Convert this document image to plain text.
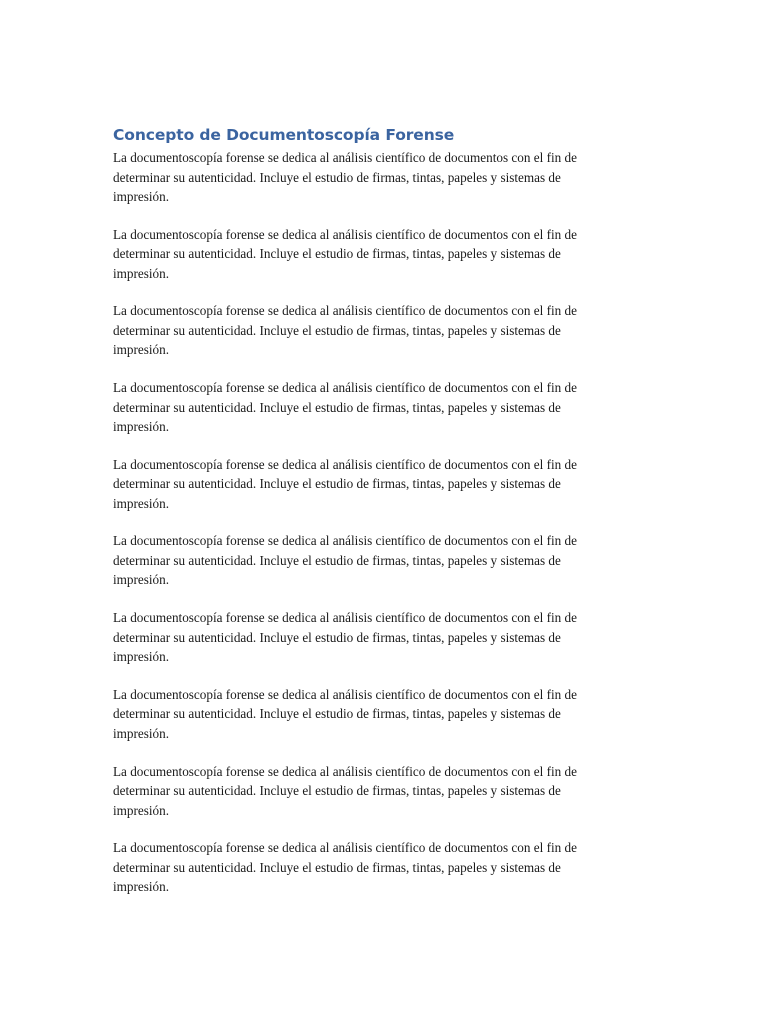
Concepto de Documentoscopía Forense
La documentoscopía forense se dedica al análisis científico de documentos con el fin de
determinar su autenticidad. Incluye el estudio de firmas, tintas, papeles y sistemas de
impresión.
La documentoscopía forense se dedica al análisis científico de documentos con el fin de
determinar su autenticidad. Incluye el estudio de firmas, tintas, papeles y sistemas de
impresión.
La documentoscopía forense se dedica al análisis científico de documentos con el fin de
determinar su autenticidad. Incluye el estudio de firmas, tintas, papeles y sistemas de
impresión.
La documentoscopía forense se dedica al análisis científico de documentos con el fin de
determinar su autenticidad. Incluye el estudio de firmas, tintas, papeles y sistemas de
impresión.
La documentoscopía forense se dedica al análisis científico de documentos con el fin de
determinar su autenticidad. Incluye el estudio de firmas, tintas, papeles y sistemas de
impresión.
La documentoscopía forense se dedica al análisis científico de documentos con el fin de
determinar su autenticidad. Incluye el estudio de firmas, tintas, papeles y sistemas de
impresión.
La documentoscopía forense se dedica al análisis científico de documentos con el fin de
determinar su autenticidad. Incluye el estudio de firmas, tintas, papeles y sistemas de
impresión.
La documentoscopía forense se dedica al análisis científico de documentos con el fin de
determinar su autenticidad. Incluye el estudio de firmas, tintas, papeles y sistemas de
impresión.
La documentoscopía forense se dedica al análisis científico de documentos con el fin de
determinar su autenticidad. Incluye el estudio de firmas, tintas, papeles y sistemas de
impresión.
La documentoscopía forense se dedica al análisis científico de documentos con el fin de
determinar su autenticidad. Incluye el estudio de firmas, tintas, papeles y sistemas de
impresión.
